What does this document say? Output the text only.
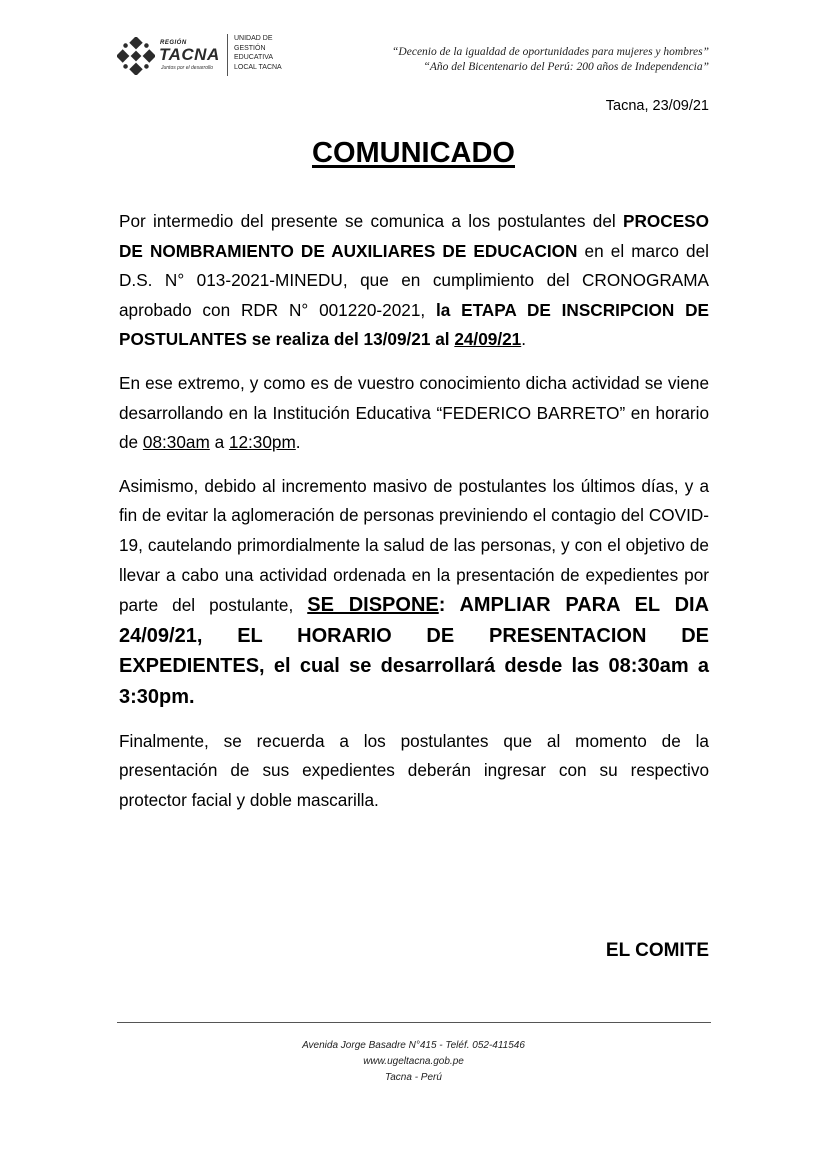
REGIÓN
TACNA
Juntos por el desarrollo
UNIDAD DE
GESTIÓN
EDUCATIVA
LOCAL TACNA
“Decenio de la igualdad de oportunidades para mujeres y hombres”
“Año del Bicentenario del Perú: 200 años de Independencia”
Tacna, 23/09/21
COMUNICADO

Por intermedio del presente se comunica a los postulantes del PROCESO DE NOMBRAMIENTO DE AUXILIARES DE EDUCACION en el marco del D.S. N° 013-2021-MINEDU, que en cumplimiento del CRONOGRAMA aprobado con RDR N° 001220-2021, la ETAPA DE INSCRIPCION DE POSTULANTES se realiza del 13/09/21 al 24/09/21.

En ese extremo, y como es de vuestro conocimiento dicha actividad se viene desarrollando en la Institución Educativa “FEDERICO BARRETO” en horario de 08:30am a 12:30pm.

Asimismo, debido al incremento masivo de postulantes los últimos días, y a fin de evitar la aglomeración de personas previniendo el contagio del COVID-19, cautelando primordialmente la salud de las personas, y con el objetivo de llevar a cabo una actividad ordenada en la presentación de expedientes por parte del postulante, SE DISPONE: AMPLIAR PARA EL DIA 24/09/21, EL HORARIO DE PRESENTACION DE EXPEDIENTES, el cual se desarrollará desde las 08:30am a 3:30pm.

Finalmente, se recuerda a los postulantes que al momento de la presentación de sus expedientes deberán ingresar con su respectivo protector facial y doble mascarilla.

EL COMITE
Avenida Jorge Basadre N°415 - Teléf. 052-411546
www.ugeltacna.gob.pe
Tacna - Perú
